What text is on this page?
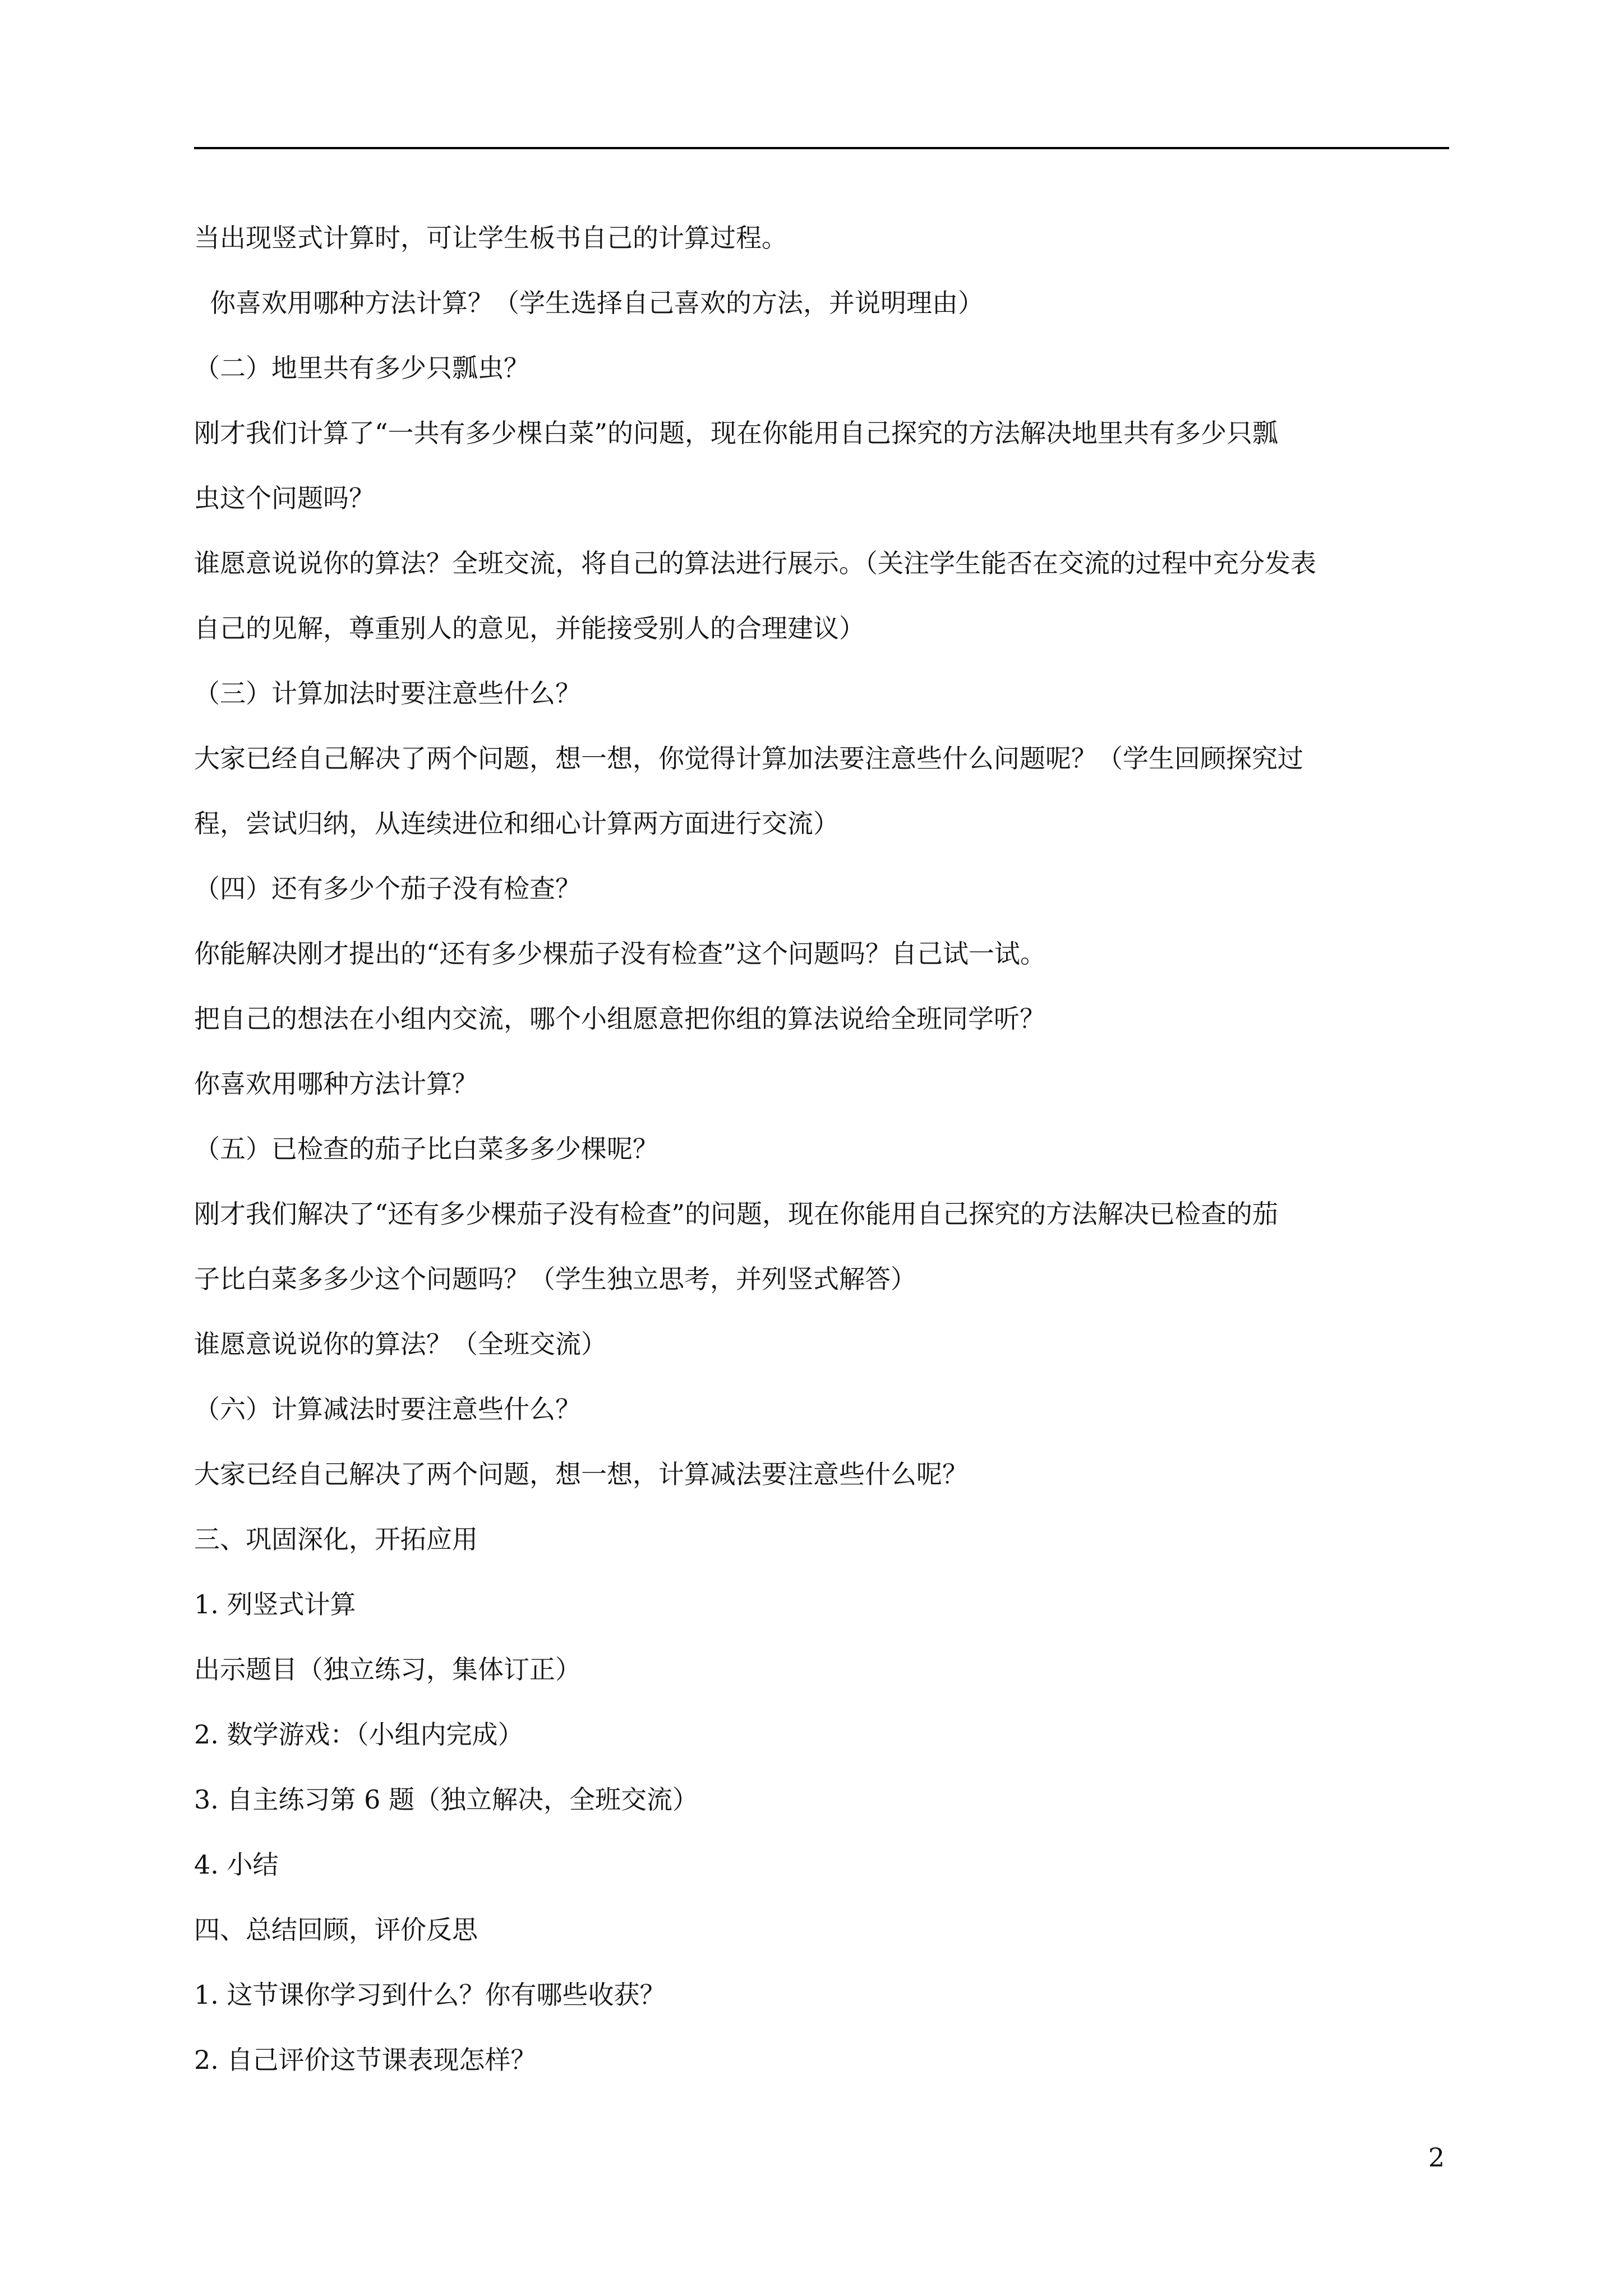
当出现竖式计算时，可让学生板书自己的计算过程。

你喜欢用哪种方法计算？（学生选择自己喜欢的方法，并说明理由）

（二）地里共有多少只瓢虫？

刚才我们计算了“一共有多少棵白菜”的问题，现在你能用自己探究的方法解决地里共有多少只瓢

虫这个问题吗？

谁愿意说说你的算法？全班交流，将自己的算法进行展示。（关注学生能否在交流的过程中充分发表

自己的见解，尊重别人的意见，并能接受别人的合理建议）

（三）计算加法时要注意些什么？

大家已经自己解决了两个问题，想一想，你觉得计算加法要注意些什么问题呢？（学生回顾探究过

程，尝试归纳，从连续进位和细心计算两方面进行交流）

（四）还有多少个茄子没有检查？

你能解决刚才提出的“还有多少棵茄子没有检查”这个问题吗？自己试一试。

把自己的想法在小组内交流，哪个小组愿意把你组的算法说给全班同学听？

你喜欢用哪种方法计算？

（五）已检查的茄子比白菜多多少棵呢？

刚才我们解决了“还有多少棵茄子没有检查”的问题，现在你能用自己探究的方法解决已检查的茄

子比白菜多多少这个问题吗？（学生独立思考，并列竖式解答）

谁愿意说说你的算法？（全班交流）

（六）计算减法时要注意些什么？

大家已经自己解决了两个问题，想一想，计算减法要注意些什么呢？

三、巩固深化，开拓应用

1. 列竖式计算

出示题目（独立练习，集体订正）

2. 数学游戏：（小组内完成）

3. 自主练习第 6 题（独立解决，全班交流）

4. 小结

四、总结回顾，评价反思

1. 这节课你学习到什么？你有哪些收获？

2. 自己评价这节课表现怎样？

2
